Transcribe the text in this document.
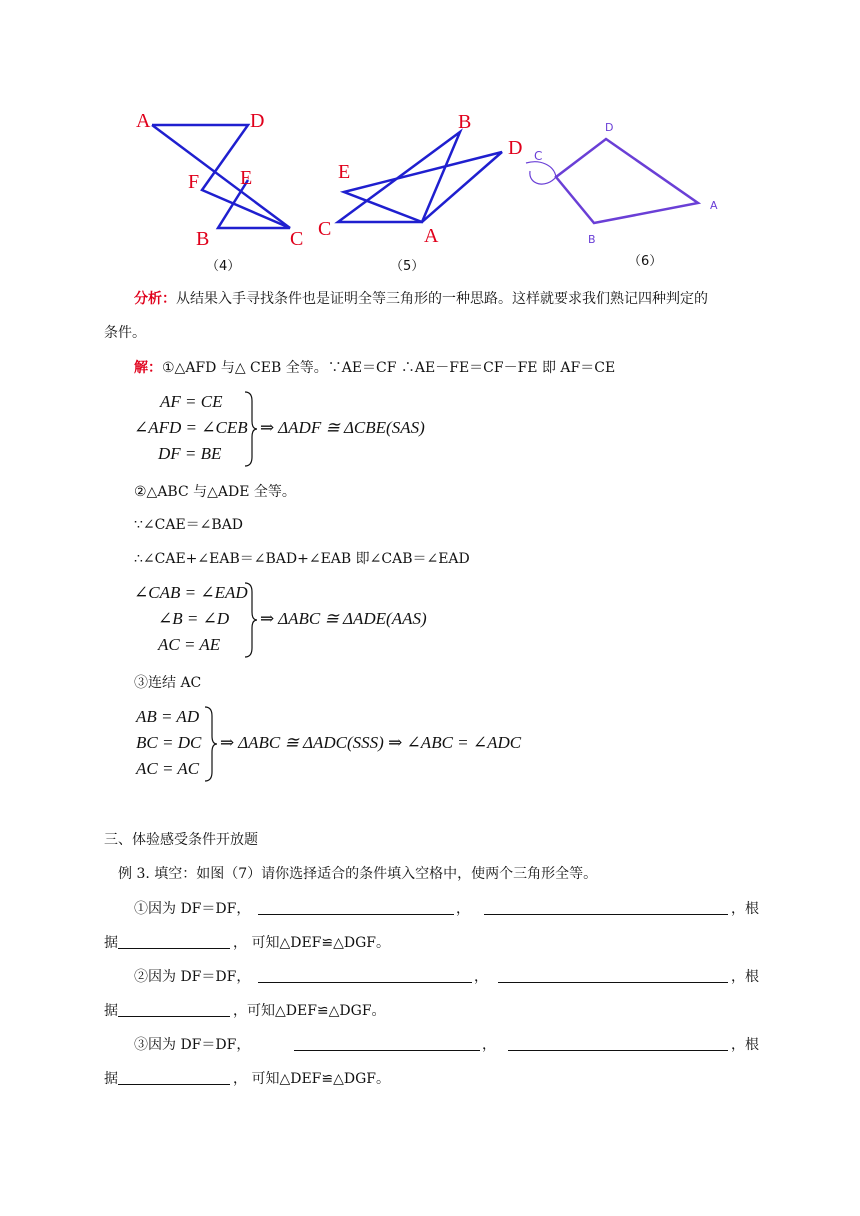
A	D
F E
B	C
（4）
B
D
E
C	A
（5）
D
C
A
B
（6）
分析：从结果入手寻找条件也是证明全等三角形的一种思路。这样就要求我们熟记四种判定的
条件。
解：①△AFD 与△ CEB 全等。∵AE＝CF ∴AE－FE＝CF－FE 即 AF＝CE
AF = CE
∠AFD = ∠CEB
DF = BE
⇒ ΔADF ≅ ΔCBE(SAS)
②△ABC 与△ADE 全等。
∵∠CAE＝∠BAD
∴∠CAE+∠EAB＝∠BAD+∠EAB 即∠CAB＝∠EAD
∠CAB = ∠EAD
∠B = ∠D
AC = AE
⇒ ΔABC ≅ ΔADE(AAS)
③连结 AC
AB = AD
BC = DC
AC = AC
⇒ ΔABC ≅ ΔADC(SSS) ⇒ ∠ABC = ∠ADC
三、体验感受条件开放题
例 3. 填空：如图（7）请你选择适合的条件填入空格中，使两个三角形全等。
①因为 DF＝DF，	，	，根
据	， 可知△DEF≌△DGF。
②因为 DF＝DF，	，	，根
据	，可知△DEF≌△DGF。
③因为 DF＝DF，	，	，根
据	， 可知△DEF≌△DGF。
